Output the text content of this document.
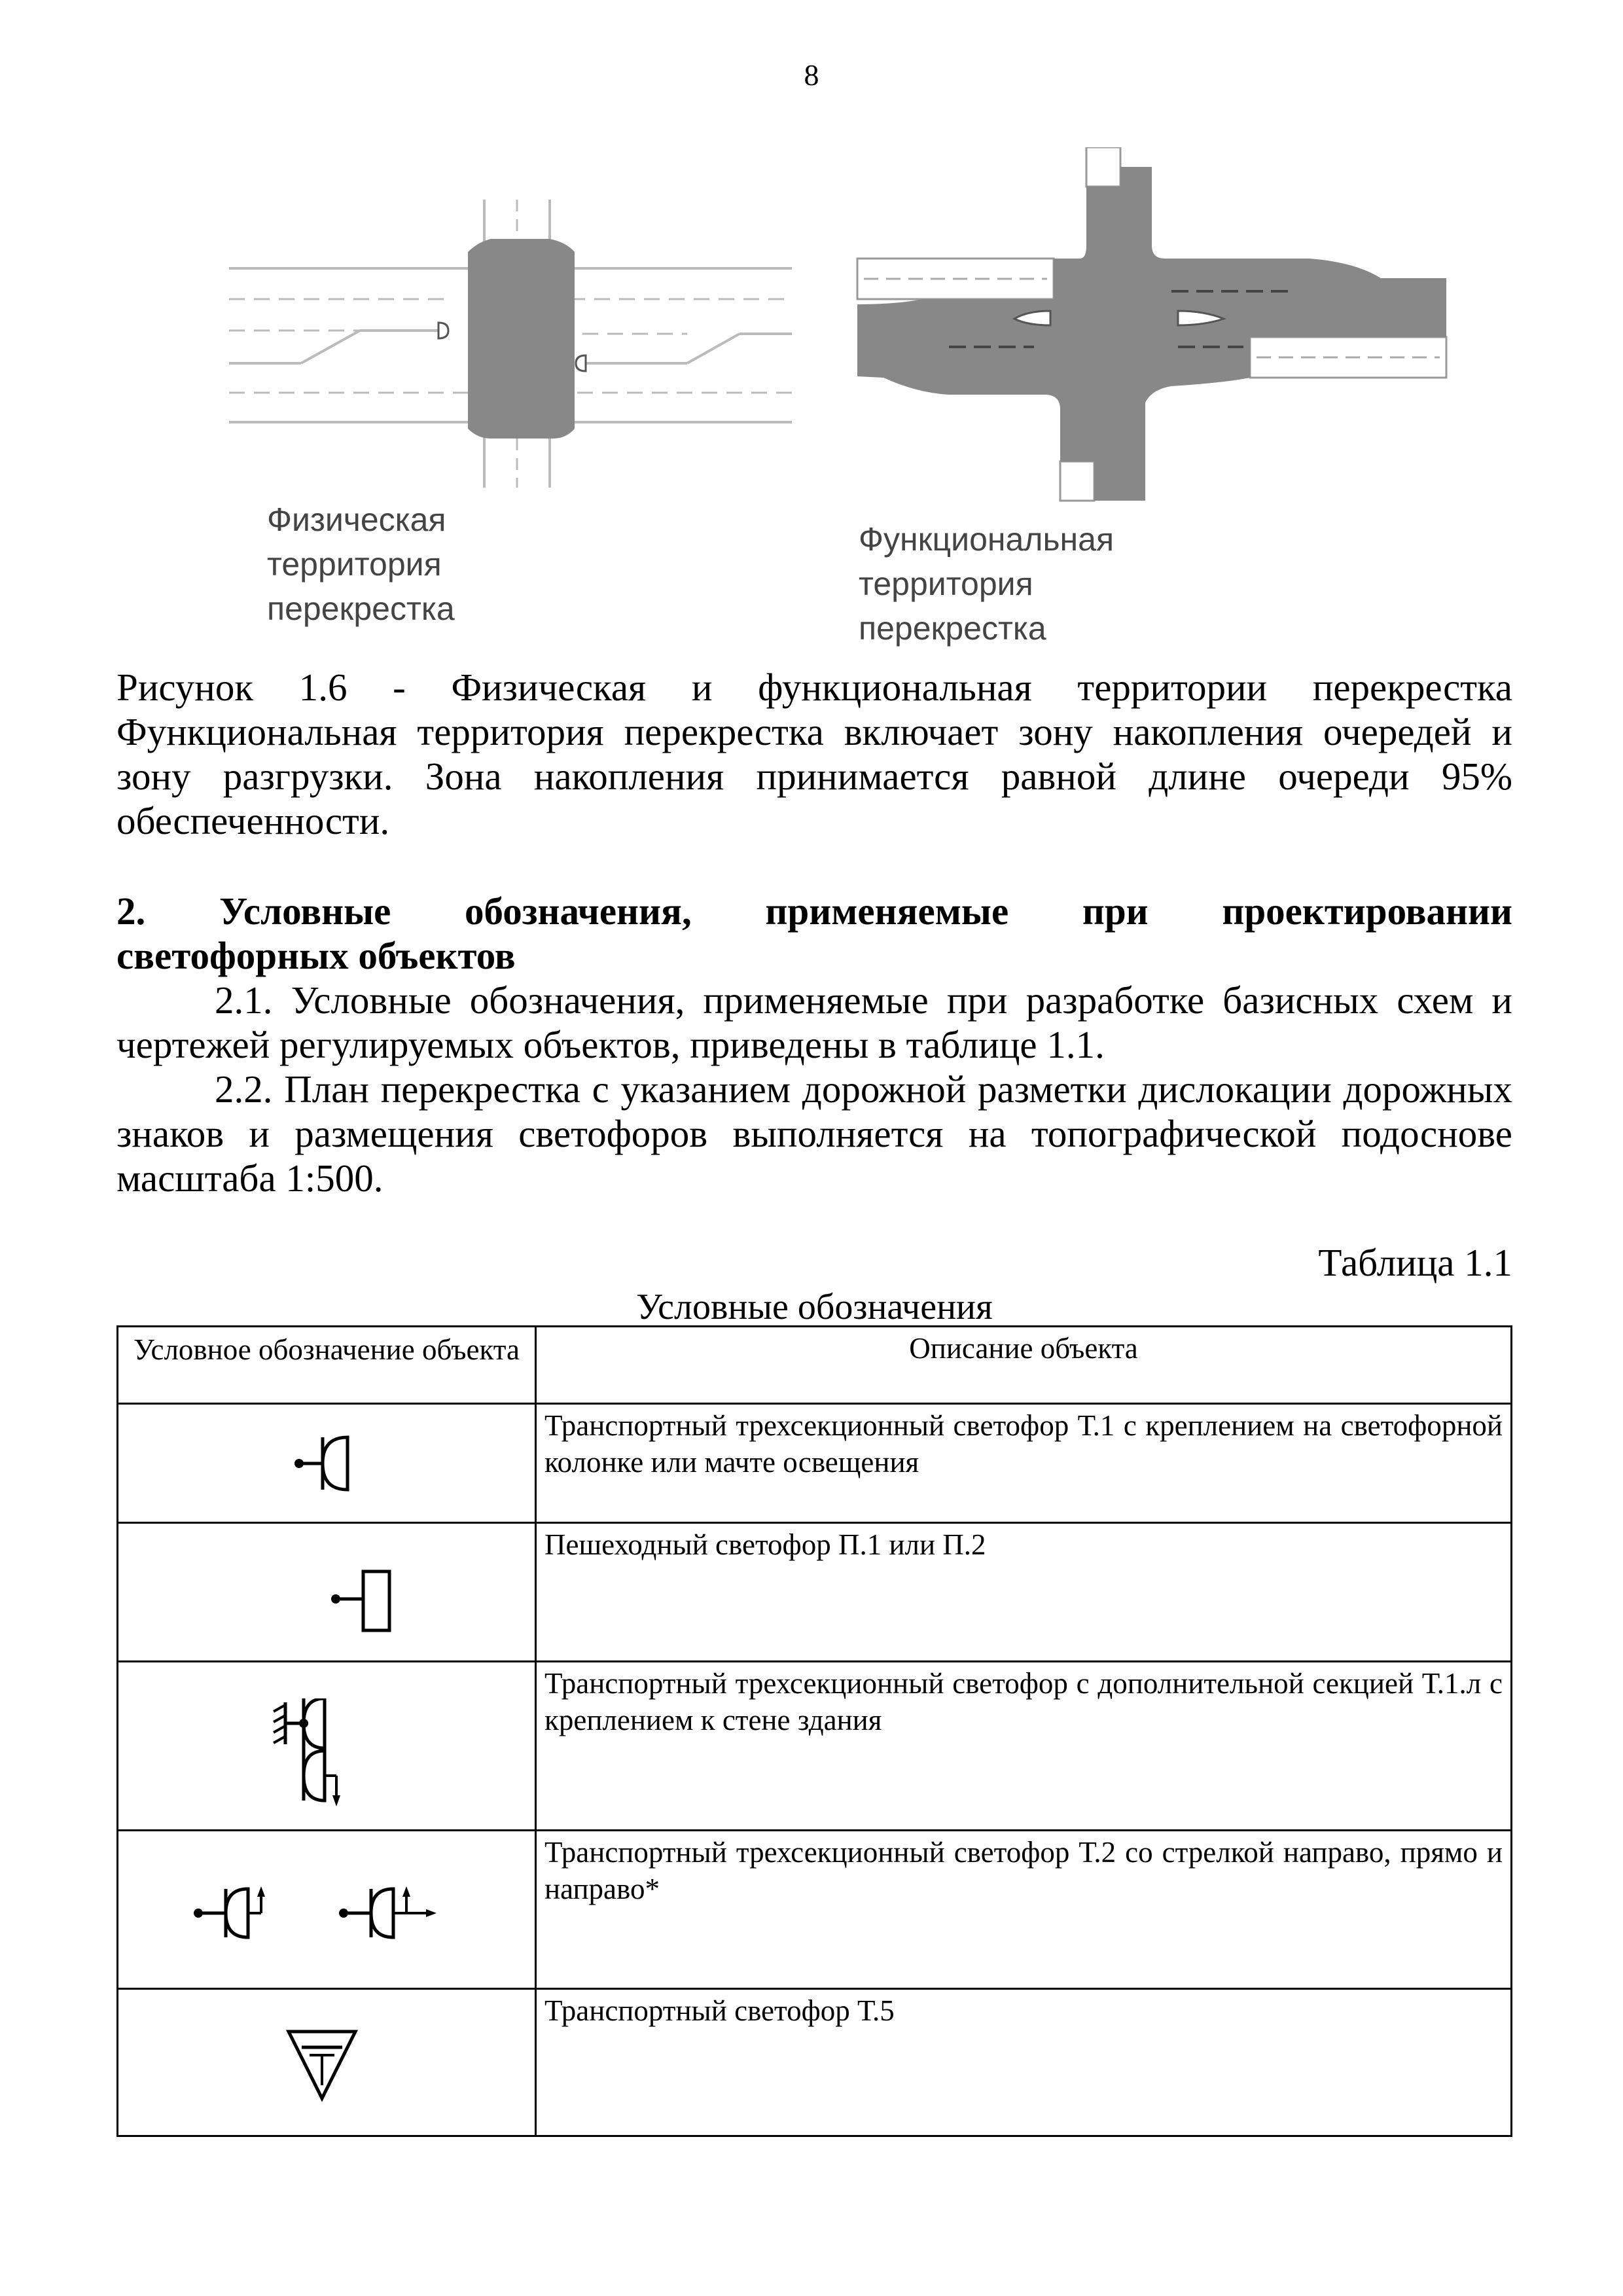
8
Физическая
территория
перекрестка
Функциональная
территория
перекрестка
Рисунок 1.6 - Физическая и функциональная территории перекрестка
Функциональная территория перекрестка включает зону накопления очередей и
зону разгрузки. Зона накопления принимается равной длине очереди 95% обеспеченности.
2. Условные обозначения, применяемые при проектировании
светофорных объектов
2.1. Условные обозначения, применяемые при разработке базисных схем и чертежей регулируемых объектов, приведены в таблице 1.1.
2.2. План перекрестка с указанием дорожной разметки дислокации дорожных знаков и размещения светофоров выполняется на топографической подоснове масштаба 1:500.
Таблица 1.1
Условные обозначения
Условное обозначение объекта	Описание объекта

	Транспортный трехсекционный светофор Т.1 с креплением на светофорной колонке или мачте освещения

	Пешеходный светофор П.1 или П.2

	Транспортный трехсекционный светофор с дополнительной секцией Т.1.л с креплением к стене здания

	Транспортный трехсекционный светофор Т.2 со стрелкой направо, прямо и направо*

	Транспортный светофор Т.5
